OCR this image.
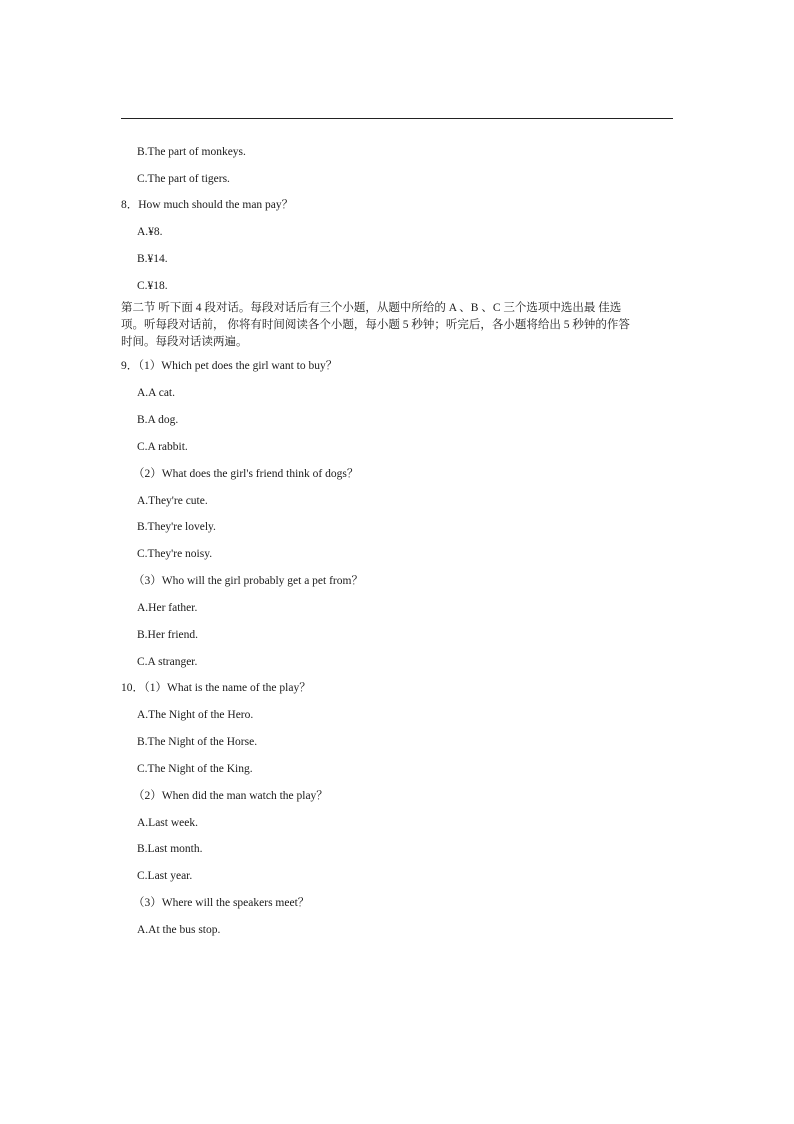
B.The part of monkeys.
C.The part of tigers.
8．How much should the man pay？
A.¥8.
B.¥14.
C.¥18.
第二节 听下面 4 段对话。每段对话后有三个小题，从题中所给的 A 、B 、C 三个选项中选出最 佳选
项。听每段对话前， 你将有时间阅读各个小题，每小题 5 秒钟；听完后，各小题将给出 5 秒钟的作答
时间。每段对话读两遍。
9．（1）Which pet does the girl want to buy？
A.A cat.
B.A dog.
C.A rabbit.
（2）What does the girl's friend think of dogs？
A.They're cute.
B.They're lovely.
C.They're noisy.
（3）Who will the girl probably get a pet from？
A.Her father.
B.Her friend.
C.A stranger.
10．（1）What is the name of the play？
A.The Night of the Hero.
B.The Night of the Horse.
C.The Night of the King.
（2）When did the man watch the play？
A.Last week.
B.Last month.
C.Last year.
（3）Where will the speakers meet？
A.At the bus stop.
